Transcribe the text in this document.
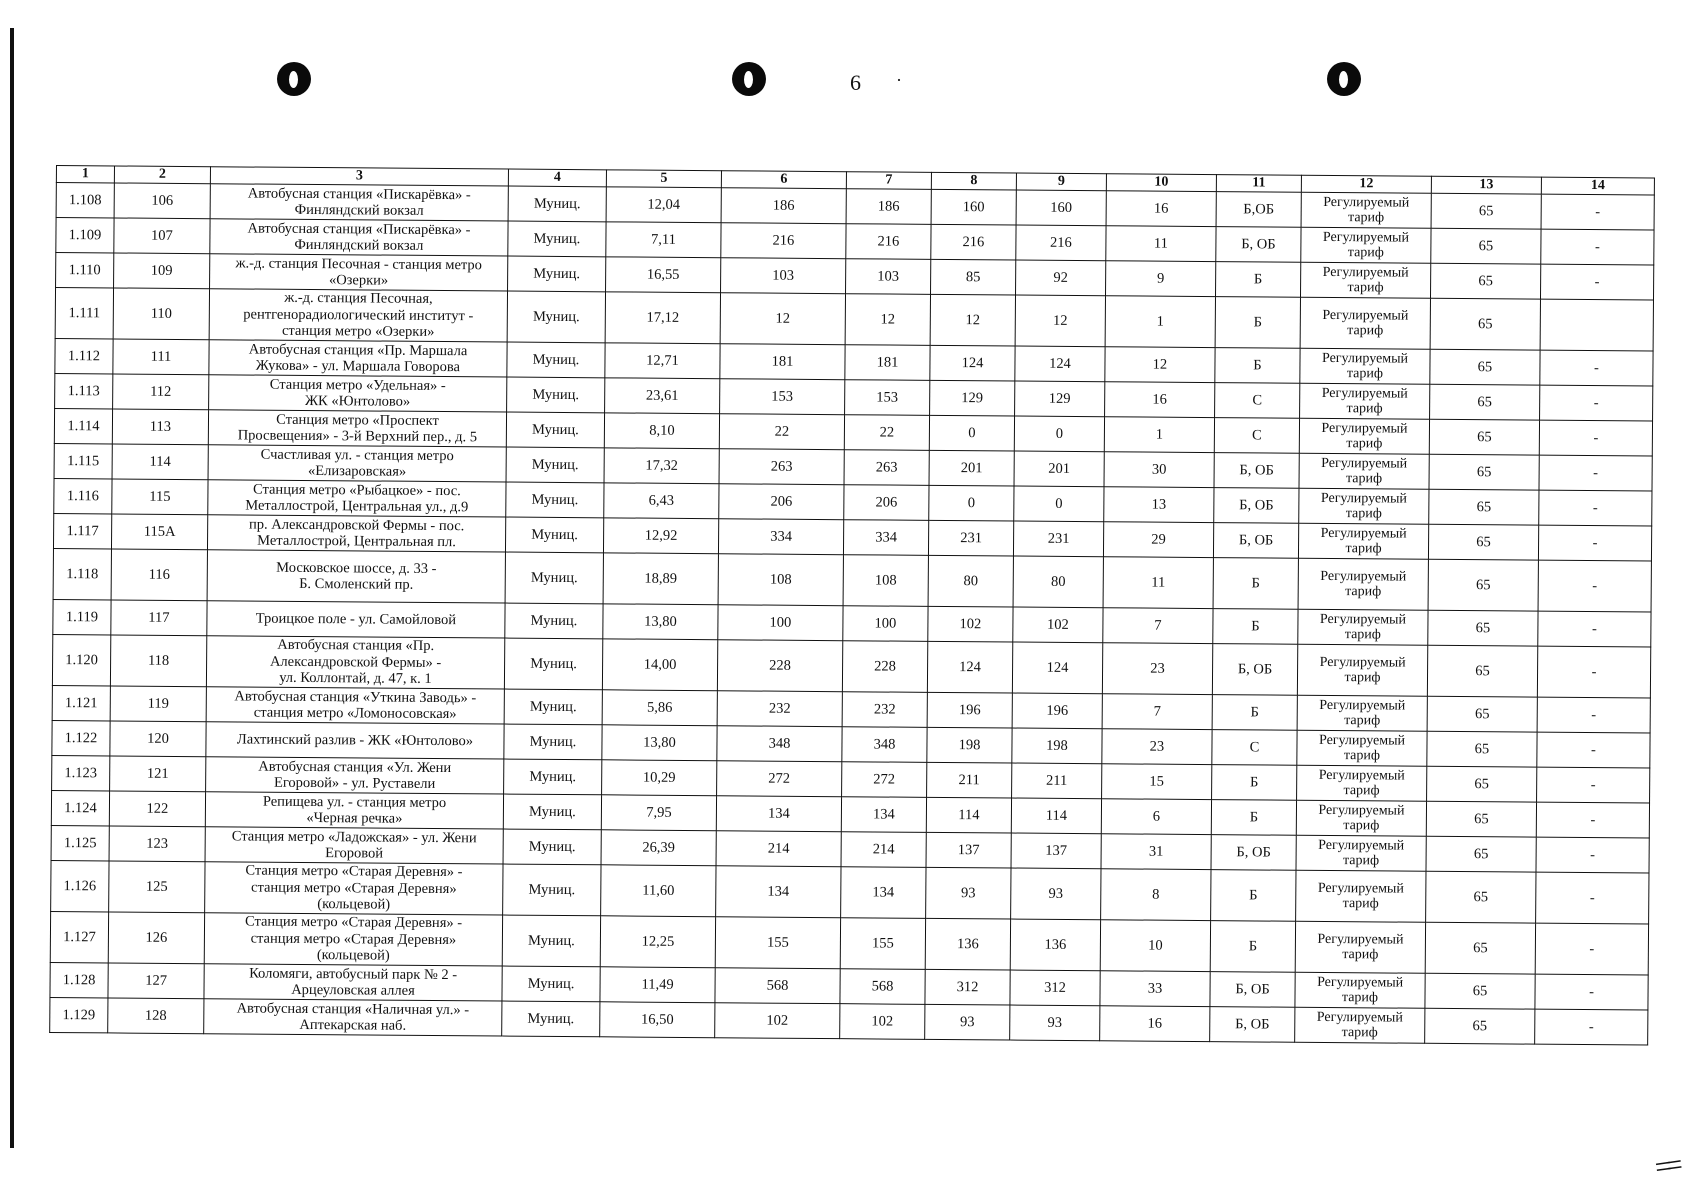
6 ·
==
1	2	3	4	5	6	7	8	9	10	11	12	13	14
1.108	106	Автобусная станция «Пискарёвка» -
Финляндский вокзал	Муниц.	12,04	186	186	160	160	16	Б,ОБ	Регулируемый тариф	65	-
1.109	107	Автобусная станция «Пискарёвка» -
Финляндский вокзал	Муниц.	7,11	216	216	216	216	11	Б, ОБ	Регулируемый тариф	65	-
1.110	109	ж.-д. станция Песочная - станция метро
«Озерки»	Муниц.	16,55	103	103	85	92	9	Б	Регулируемый тариф	65	-
1.111	110	ж.-д. станция Песочная,
рентгенорадиологический институт -
станция метро «Озерки»	Муниц.	17,12	12	12	12	12	1	Б	Регулируемый тариф	65	
1.112	111	Автобусная станция «Пр. Маршала
Жукова» - ул. Маршала Говорова	Муниц.	12,71	181	181	124	124	12	Б	Регулируемый тариф	65	-
1.113	112	Станция метро «Удельная» -
ЖК «Юнтолово»	Муниц.	23,61	153	153	129	129	16	С	Регулируемый тариф	65	-
1.114	113	Станция метро «Проспект
Просвещения» - 3-й Верхний пер., д. 5	Муниц.	8,10	22	22	0	0	1	С	Регулируемый тариф	65	-
1.115	114	Счастливая ул. - станция метро
«Елизаровская»	Муниц.	17,32	263	263	201	201	30	Б, ОБ	Регулируемый тариф	65	-
1.116	115	Станция метро «Рыбацкое» - пос.
Металлострой, Центральная ул., д.9	Муниц.	6,43	206	206	0	0	13	Б, ОБ	Регулируемый тариф	65	-
1.117	115А	пр. Александровской Фермы - пос.
Металлострой, Центральная пл.	Муниц.	12,92	334	334	231	231	29	Б, ОБ	Регулируемый тариф	65	-
1.118	116	Московское шоссе, д. 33 -
Б. Смоленский пр.	Муниц.	18,89	108	108	80	80	11	Б	Регулируемый тариф	65	-
1.119	117	Троицкое поле - ул. Самойловой	Муниц.	13,80	100	100	102	102	7	Б	Регулируемый тариф	65	-
1.120	118	Автобусная станция «Пр.
Александровской Фермы» -
ул. Коллонтай, д. 47, к. 1	Муниц.	14,00	228	228	124	124	23	Б, ОБ	Регулируемый тариф	65	-
1.121	119	Автобусная станция «Уткина Заводь» -
станция метро «Ломоносовская»	Муниц.	5,86	232	232	196	196	7	Б	Регулируемый тариф	65	-
1.122	120	Лахтинский разлив - ЖК «Юнтолово»	Муниц.	13,80	348	348	198	198	23	С	Регулируемый тариф	65	-
1.123	121	Автобусная станция «Ул. Жени
Егоровой» - ул. Руставели	Муниц.	10,29	272	272	211	211	15	Б	Регулируемый тариф	65	-
1.124	122	Репищева ул. - станция метро
«Черная речка»	Муниц.	7,95	134	134	114	114	6	Б	Регулируемый тариф	65	-
1.125	123	Станция метро «Ладожская» - ул. Жени
Егоровой	Муниц.	26,39	214	214	137	137	31	Б, ОБ	Регулируемый тариф	65	-
1.126	125	Станция метро «Старая Деревня» -
станция метро «Старая Деревня»
(кольцевой)	Муниц.	11,60	134	134	93	93	8	Б	Регулируемый тариф	65	-
1.127	126	Станция метро «Старая Деревня» -
станция метро «Старая Деревня»
(кольцевой)	Муниц.	12,25	155	155	136	136	10	Б	Регулируемый тариф	65	-
1.128	127	Коломяги, автобусный парк № 2 -
Арцеуловская аллея	Муниц.	11,49	568	568	312	312	33	Б, ОБ	Регулируемый тариф	65	-
1.129	128	Автобусная станция «Наличная ул.» -
Аптекарская наб.	Муниц.	16,50	102	102	93	93	16	Б, ОБ	Регулируемый тариф	65	-
